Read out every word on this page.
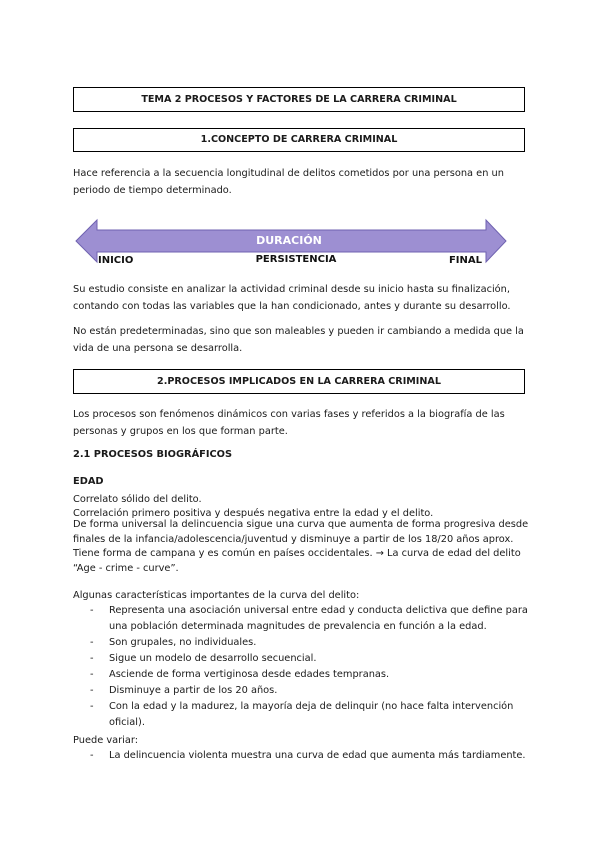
TEMA 2 PROCESOS Y FACTORES DE LA CARRERA CRIMINAL
1.CONCEPTO DE CARRERA CRIMINAL

Hace referencia a la secuencia longitudinal de delitos cometidos por una persona en un periodo de tiempo determinado.

DURACIÓN
INICIO	PERSISTENCIA	FINAL

Su estudio consiste en analizar la actividad criminal desde su inicio hasta su finalización, contando con todas las variables que la han condicionado, antes y durante su desarrollo.

No están predeterminadas, sino que son maleables y pueden ir cambiando a medida que la vida de una persona se desarrolla.

2.PROCESOS IMPLICADOS EN LA CARRERA CRIMINAL

Los procesos son fenómenos dinámicos con varias fases y referidos a la biografía de las personas y grupos en los que forman parte.

2.1 PROCESOS BIOGRÁFICOS

EDAD

Correlato sólido del delito.

Correlación primero positiva y después negativa entre la edad y el delito.

De forma universal la delincuencia sigue una curva que aumenta de forma progresiva desde finales de la infancia/adolescencia/juventud y disminuye a partir de los 18/20 años aprox. Tiene forma de campana y es común en países occidentales. → La curva de edad del delito “Age - crime - curve”.

Algunas características importantes de la curva del delito:

- Representa una asociación universal entre edad y conducta delictiva que define para una población determinada magnitudes de prevalencia en función a la edad.
- Son grupales, no individuales.
- Sigue un modelo de desarrollo secuencial.
- Asciende de forma vertiginosa desde edades tempranas.
- Disminuye a partir de los 20 años.
- Con la edad y la madurez, la mayoría deja de delinquir (no hace falta intervención oficial).

Puede variar:

- La delincuencia violenta muestra una curva de edad que aumenta más tardiamente.
